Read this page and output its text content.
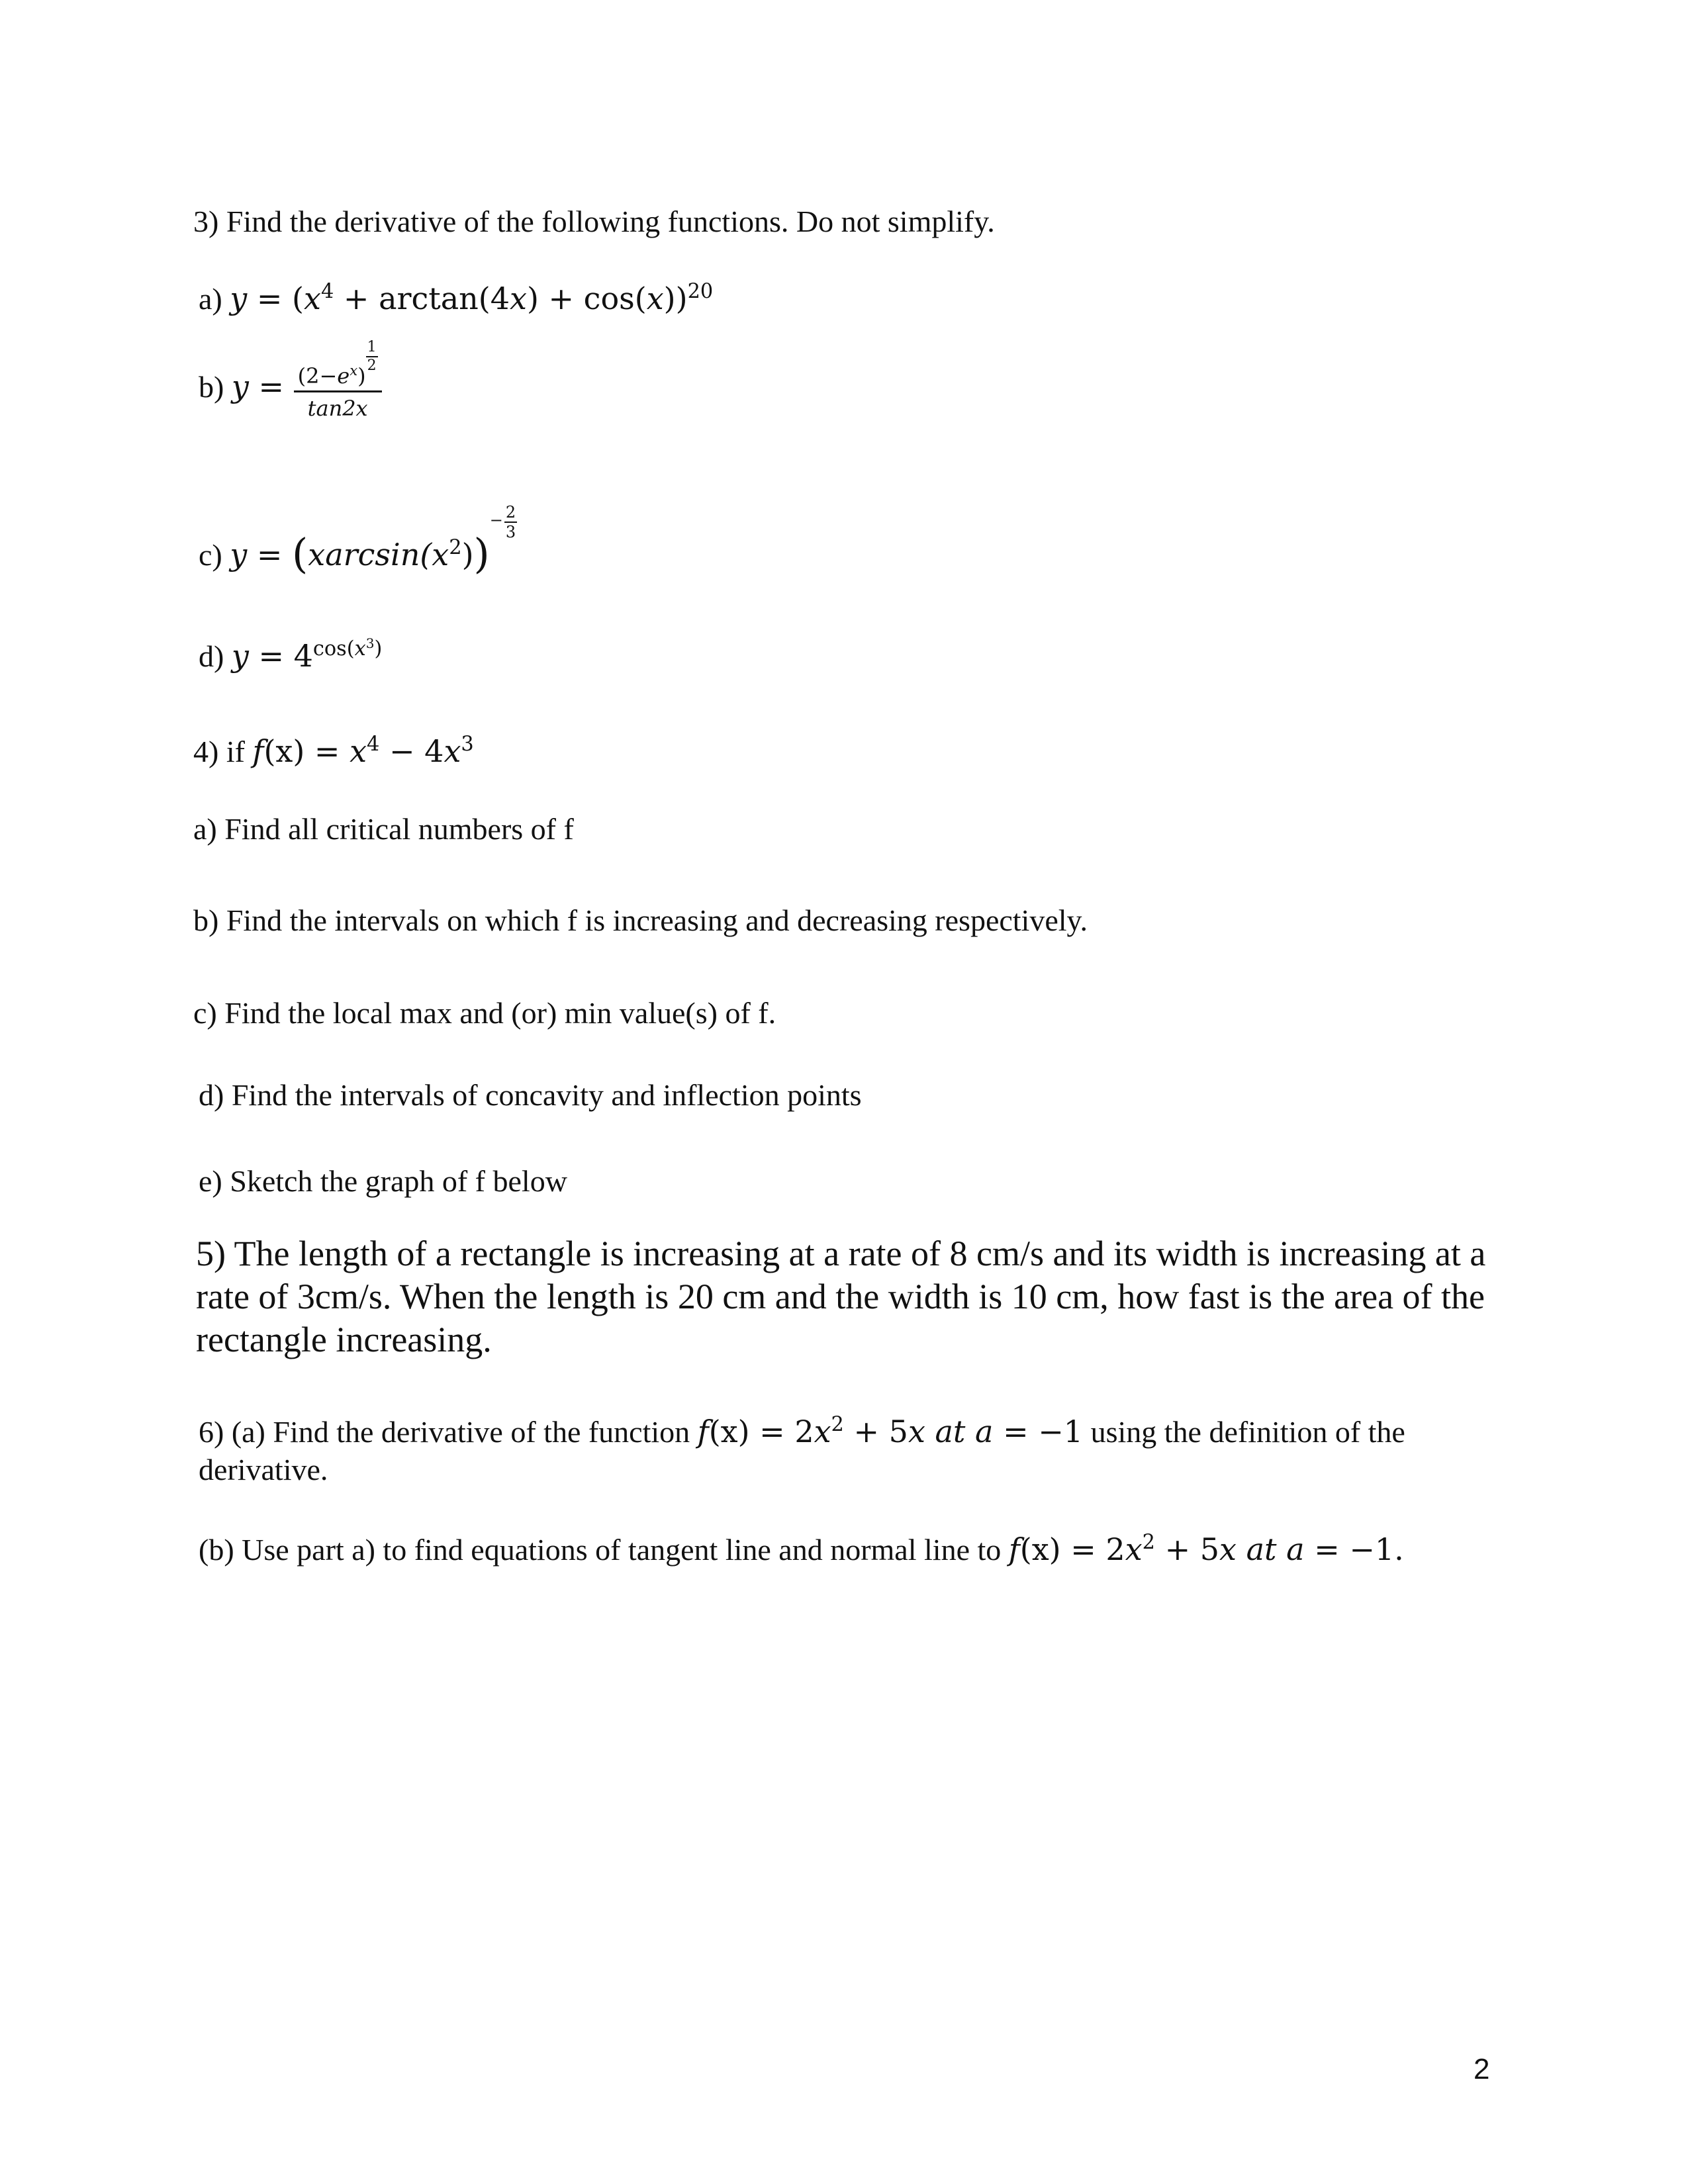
3) Find the derivative of the following functions. Do not simplify.
a) $y = (x^4 + \arctan(4x) + \cos(x))^{20}$
b) $y = (2-e^x)$
$\frac{1}{2}$
tan2x
c) $y = (xarcsin(x^2))- \frac{2}{3}$
d) $y = 4^{cos(x^3)}$
4) if $f(x) = x^4 - 4x^3$
a) Find all critical numbers of f
b) Find the intervals on which f is increasing and decreasing respectively.
c) Find the local max and (or) min value(s) of f.
d) Find the intervals of concavity and inflection points
e) Sketch the graph of f below
5) The length of a rectangle is increasing at a rate of 8 cm/s and its width is increasing at a rate of 3cm/s. When the length is 20 cm and the width is 10 cm, how fast is the area of the rectangle increasing.
6) (a) Find the derivative of the function $f(x) = 2x^2 + 5x$ at a = −1 using the definition of the
derivative.
(b) Use part a) to find equations of tangent line and normal line to $f(x) = 2x^2 + 5x$ at a = −1.
2
